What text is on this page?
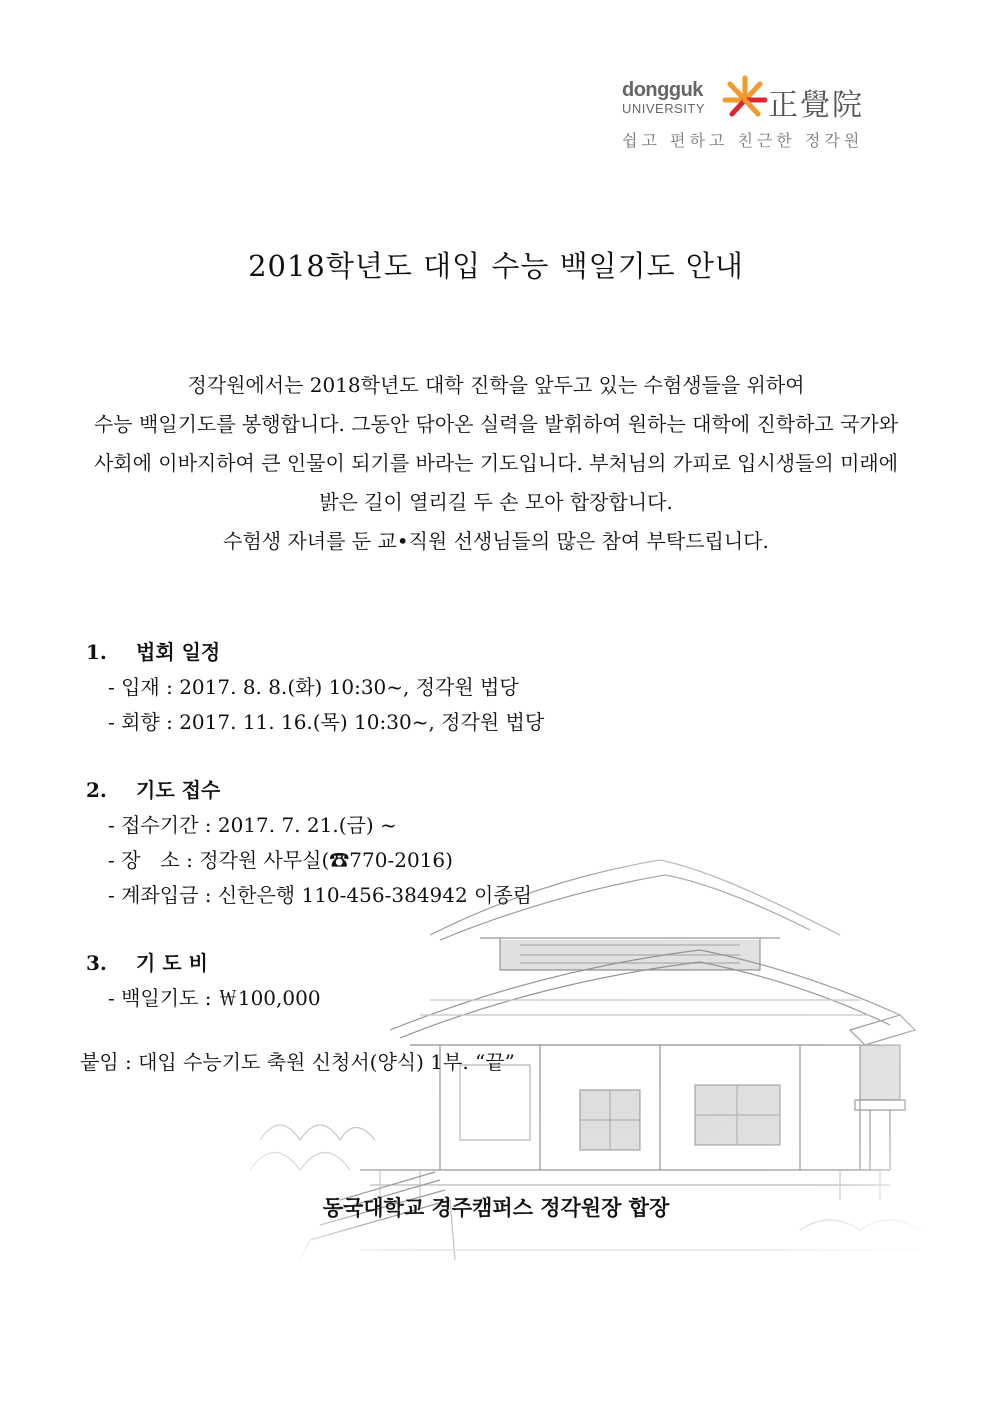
dongguk
UNIVERSITY 正覺院
쉽고 편하고 친근한 정각원
2018학년도 대입 수능 백일기도 안내

정각원에서는 2018학년도 대학 진학을 앞두고 있는 수험생들을 위하여

수능 백일기도를 봉행합니다. 그동안 닦아온 실력을 발휘하여 원하는 대학에 진학하고 국가와

사회에 이바지하여 큰 인물이 되기를 바라는 기도입니다. 부처님의 가피로 입시생들의 미래에

밝은 길이 열리길 두 손 모아 합장합니다.

수험생 자녀를 둔 교•직원 선생님들의 많은 참여 부탁드립니다.

1. 법회 일정
- 입재 : 2017. 8. 8.(화) 10:30~, 정각원 법당
- 회향 : 2017. 11. 16.(목) 10:30~, 정각원 법당
2. 기도 접수
- 접수기간 : 2017. 7. 21.(금) ~
- 장　소 : 정각원 사무실(☎770-2016)
- 계좌입금 : 신한은행 110-456-384942 이종림
3. 기 도 비
- 백일기도 : ￦100,000
붙임 : 대입 수능기도 축원 신청서(양식) 1부. “끝”
동국대학교 경주캠퍼스 정각원장 합장
